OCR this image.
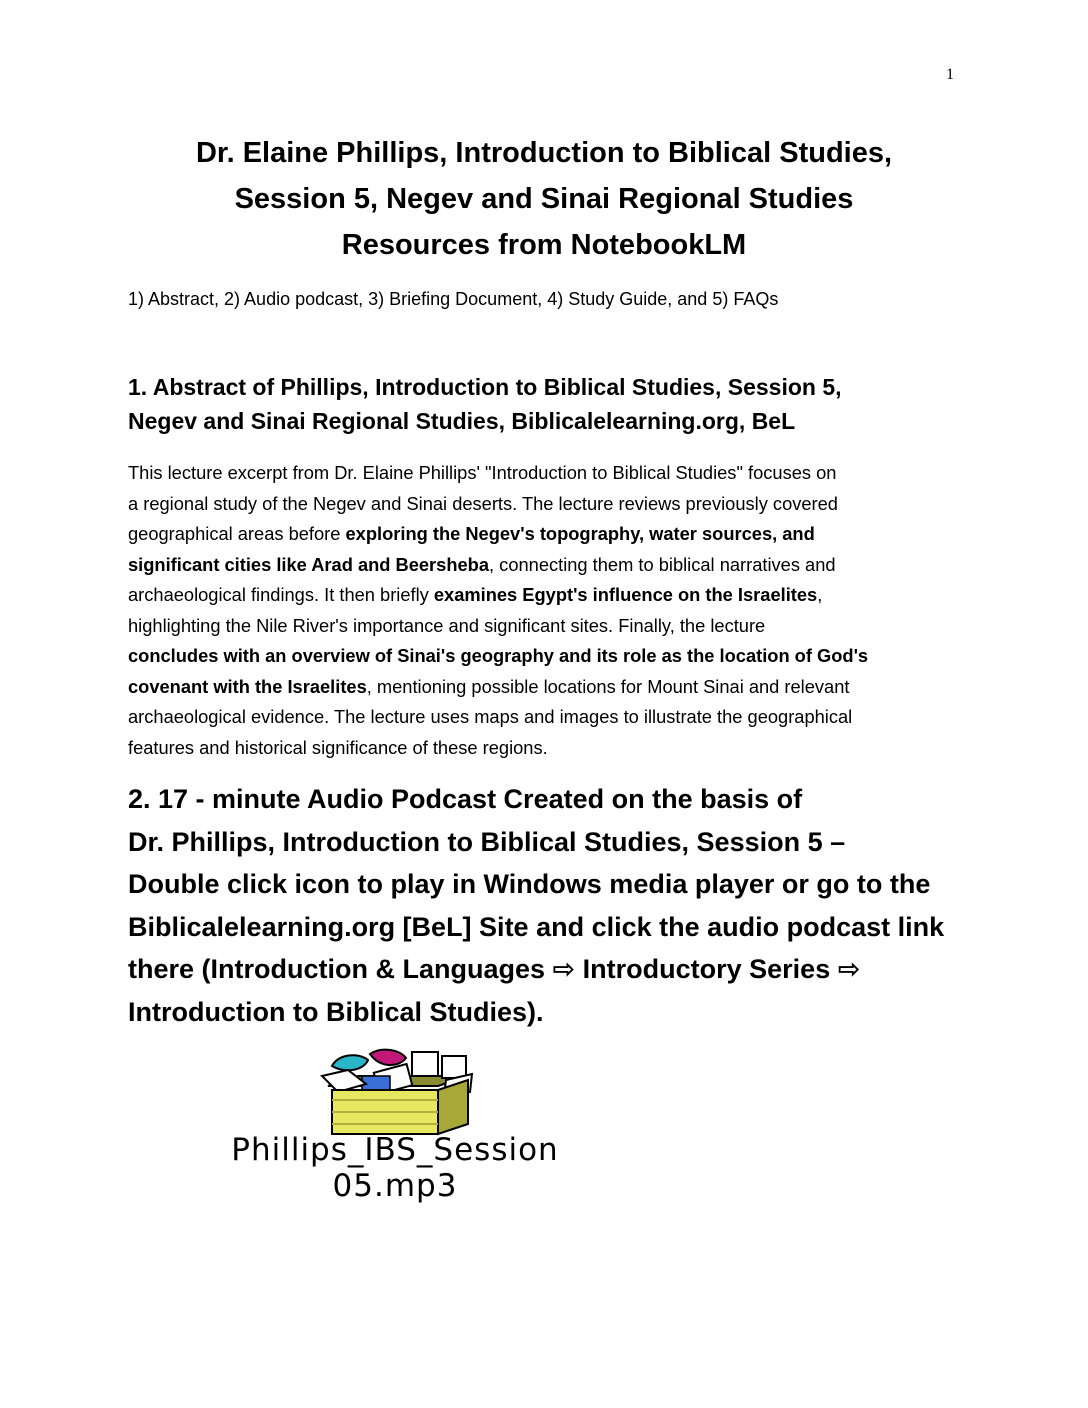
1
Dr. Elaine Phillips, Introduction to Biblical Studies,
Session 5, Negev and Sinai Regional Studies
Resources from NotebookLM
1) Abstract, 2) Audio podcast, 3) Briefing Document, 4) Study Guide, and 5) FAQs
1. Abstract of Phillips, Introduction to Biblical Studies, Session 5,
Negev and Sinai Regional Studies, Biblicalelearning.org, BeL
This lecture excerpt from Dr. Elaine Phillips' "Introduction to Biblical Studies" focuses on
a regional study of the Negev and Sinai deserts. The lecture reviews previously covered
geographical areas before exploring the Negev's topography, water sources, and
significant cities like Arad and Beersheba, connecting them to biblical narratives and
archaeological findings. It then briefly examines Egypt's influence on the Israelites,
highlighting the Nile River's importance and significant sites. Finally, the lecture
concludes with an overview of Sinai's geography and its role as the location of God's
covenant with the Israelites, mentioning possible locations for Mount Sinai and relevant
archaeological evidence. The lecture uses maps and images to illustrate the geographical
features and historical significance of these regions.
2. 17 - minute Audio Podcast Created on the basis of
Dr. Phillips, Introduction to Biblical Studies, Session 5 –
Double click icon to play in Windows media player or go to the
Biblicalelearning.org [BeL] Site and click the audio podcast link
there (Introduction & Languages ⇨ Introductory Series ⇨
Introduction to Biblical Studies).
Phillips_IBS_Session
05.mp3
